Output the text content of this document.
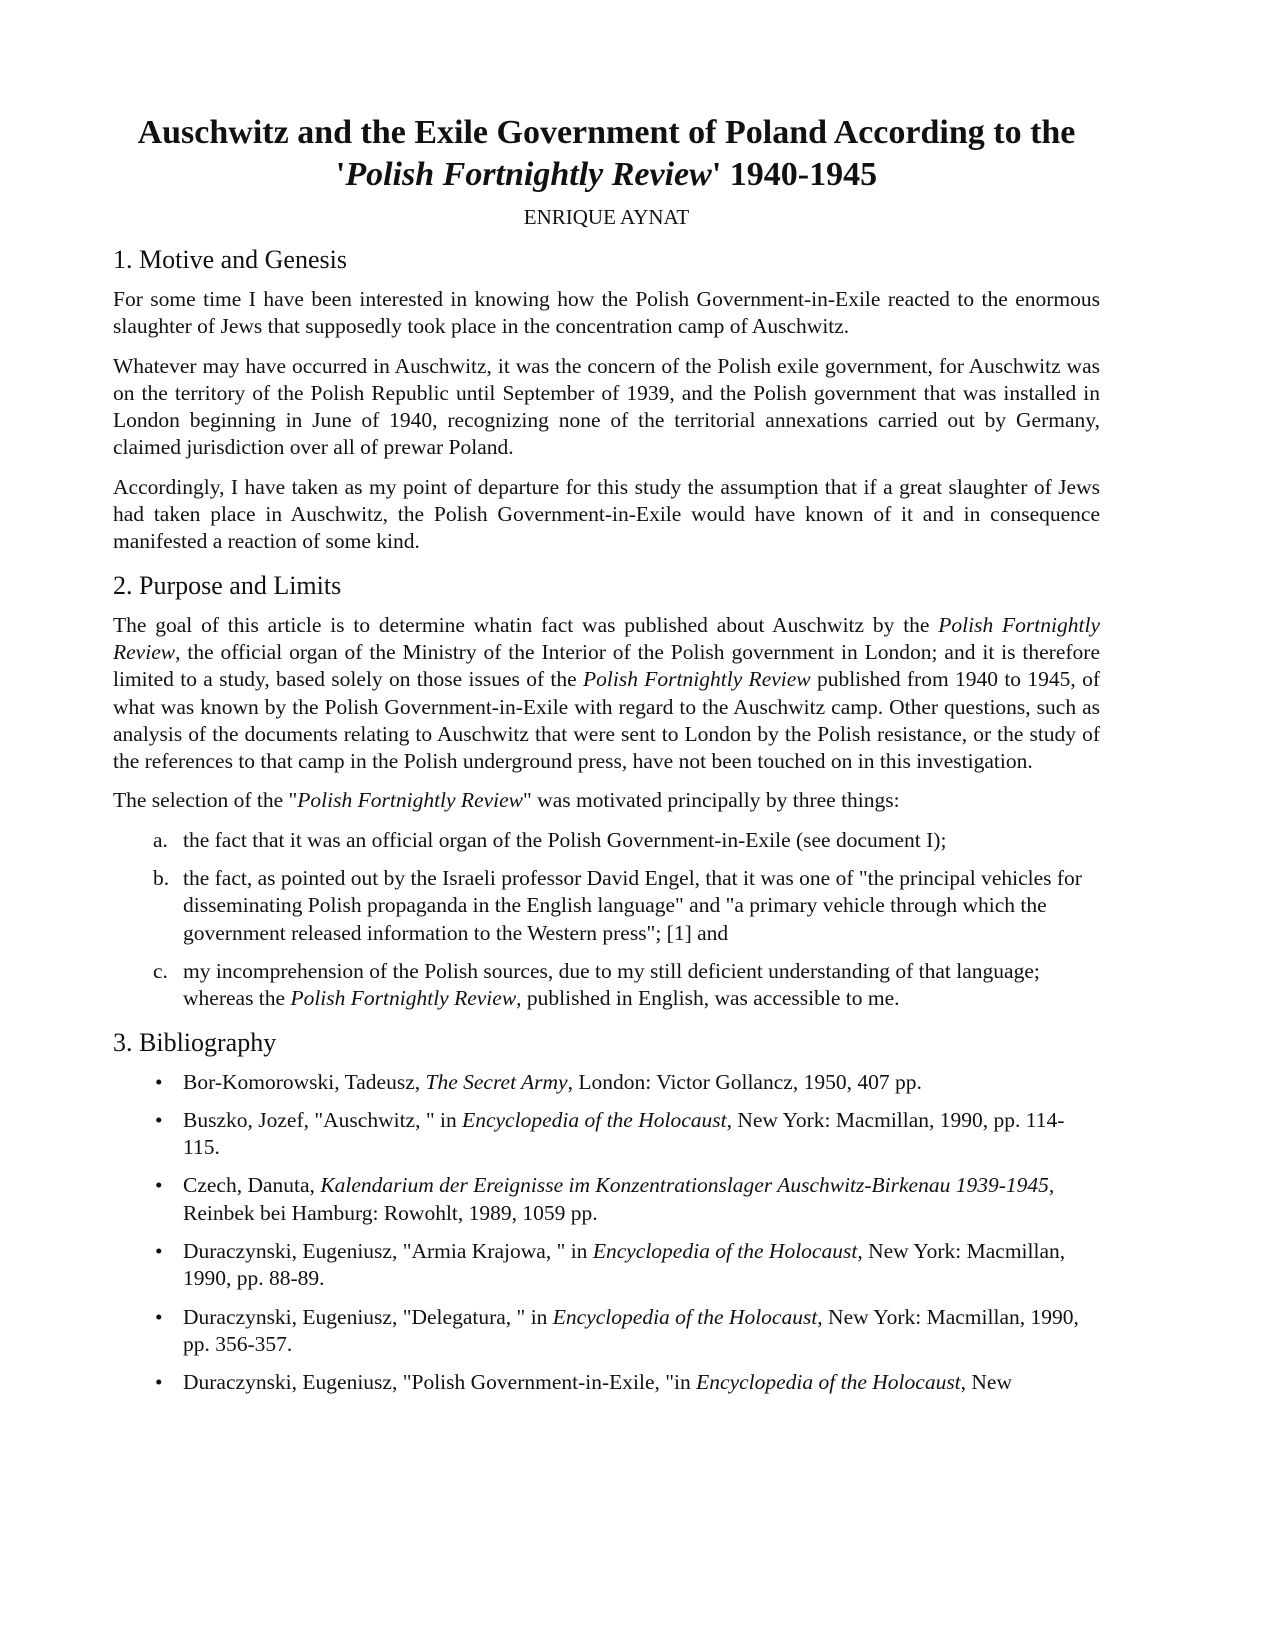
Auschwitz and the Exile Government of Poland According to the
'Polish Fortnightly Review' 1940-1945
ENRIQUE AYNAT
1. Motive and Genesis

For some time I have been interested in knowing how the Polish Government-in-Exile reacted to the enormous slaughter of Jews that supposedly took place in the concentration camp of Auschwitz.

Whatever may have occurred in Auschwitz, it was the concern of the Polish exile government, for Auschwitz was on the territory of the Polish Republic until September of 1939, and the Polish government that was installed in London beginning in June of 1940, recognizing none of the territorial annexations carried out by Germany, claimed jurisdiction over all of prewar Poland.

Accordingly, I have taken as my point of departure for this study the assumption that if a great slaughter of Jews had taken place in Auschwitz, the Polish Government-in-Exile would have known of it and in consequence manifested a reaction of some kind.

2. Purpose and Limits

The goal of this article is to determine whatin fact was published about Auschwitz by the Polish Fortnightly Review, the official organ of the Ministry of the Interior of the Polish government in London; and it is therefore limited to a study, based solely on those issues of the Polish Fortnightly Review published from 1940 to 1945, of what was known by the Polish Government-in-Exile with regard to the Auschwitz camp. Other questions, such as analysis of the documents relating to Auschwitz that were sent to London by the Polish resistance, or the study of the references to that camp in the Polish underground press, have not been touched on in this investigation.

The selection of the "Polish Fortnightly Review" was motivated principally by three things:

a. the fact that it was an official organ of the Polish Government-in-Exile (see document I);
b. the fact, as pointed out by the Israeli professor David Engel, that it was one of "the principal vehicles for disseminating Polish propaganda in the English language" and "a primary vehicle through which the government released information to the Western press"; [1] and
c. my incomprehension of the Polish sources, due to my still deficient understanding of that language; whereas the Polish Fortnightly Review, published in English, was accessible to me.
3. Bibliography
• Bor-Komorowski, Tadeusz, The Secret Army, London: Victor Gollancz, 1950, 407 pp.
• Buszko, Jozef, "Auschwitz, " in Encyclopedia of the Holocaust, New York: Macmillan, 1990, pp. 114-115.
• Czech, Danuta, Kalendarium der Ereignisse im Konzentrationslager Auschwitz-Birkenau 1939-1945, Reinbek bei Hamburg: Rowohlt, 1989, 1059 pp.
• Duraczynski, Eugeniusz, "Armia Krajowa, " in Encyclopedia of the Holocaust, New York: Macmillan, 1990, pp. 88-89.
• Duraczynski, Eugeniusz, "Delegatura, " in Encyclopedia of the Holocaust, New York: Macmillan, 1990, pp. 356-357.
• Duraczynski, Eugeniusz, "Polish Government-in-Exile, "in Encyclopedia of the Holocaust, New
